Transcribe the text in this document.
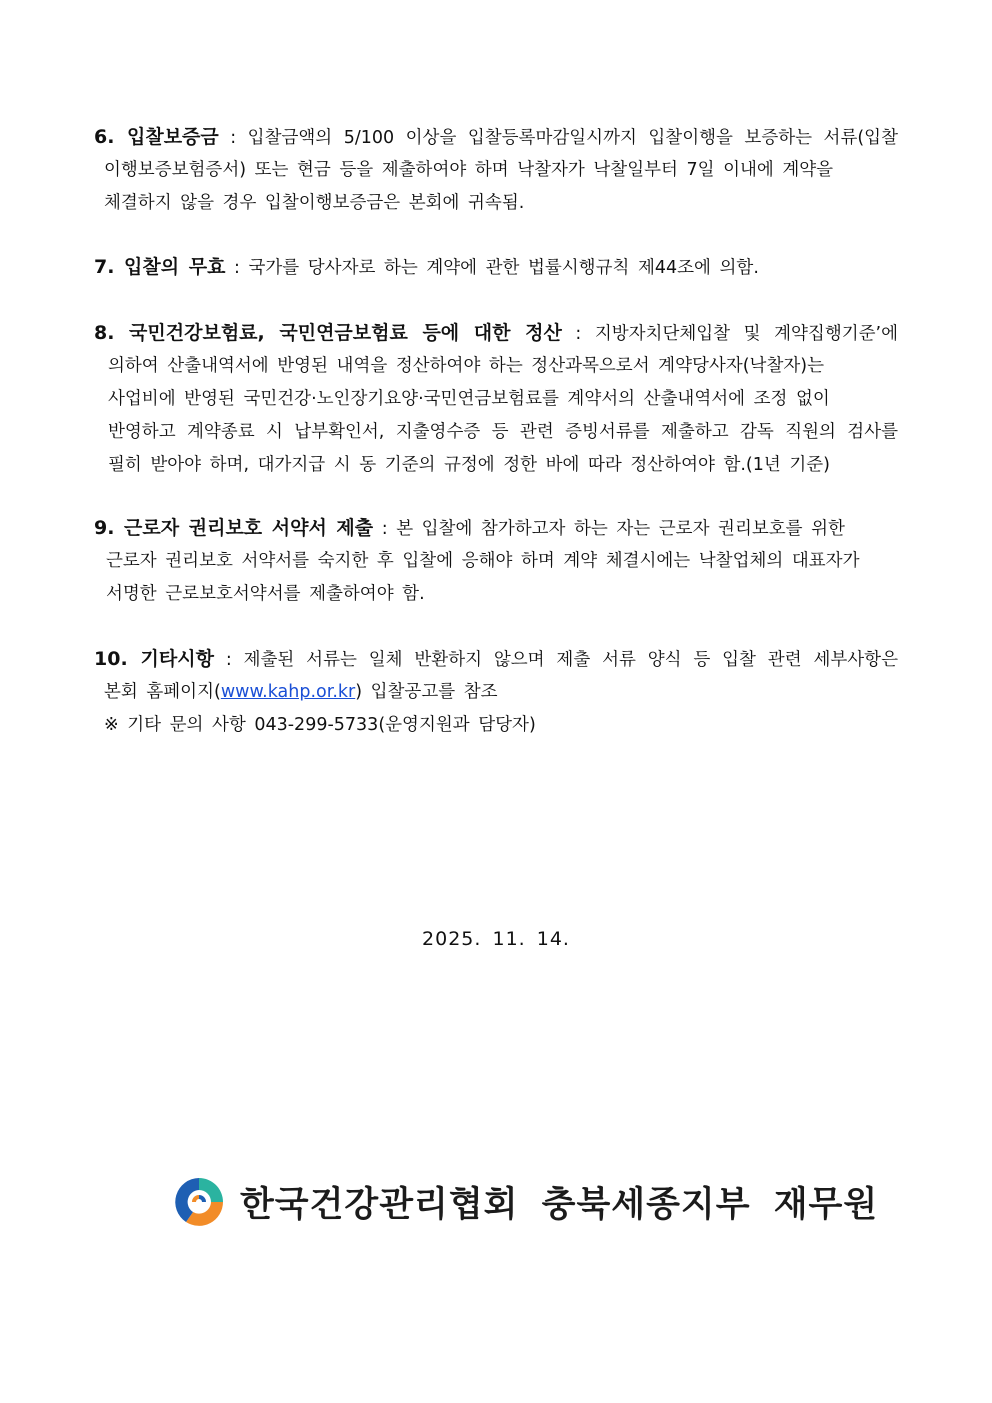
6. 입찰보증금 : 입찰금액의 5/100 이상을 입찰등록마감일시까지 입찰이행을 보증하는 서류(입찰
이행보증보험증서) 또는 현금 등을 제출하여야 하며 낙찰자가 낙찰일부터 7일 이내에 계약을
체결하지 않을 경우 입찰이행보증금은 본회에 귀속됨.
7. 입찰의 무효 : 국가를 당사자로 하는 계약에 관한 법률시행규칙 제44조에 의함.
8. 국민건강보험료, 국민연금보험료 등에 대한 정산 : 지방자치단체입찰 및 계약집행기준’에
의하여 산출내역서에 반영된 내역을 정산하여야 하는 정산과목으로서 계약당사자(낙찰자)는
사업비에 반영된 국민건강·노인장기요양·국민연금보험료를 계약서의 산출내역서에 조정 없이
반영하고 계약종료 시 납부확인서, 지출영수증 등 관련 증빙서류를 제출하고 감독 직원의 검사를
필히 받아야 하며, 대가지급 시 동 기준의 규정에 정한 바에 따라 정산하여야 함.(1년 기준)
9. 근로자 권리보호 서약서 제출 : 본 입찰에 참가하고자 하는 자는 근로자 권리보호를 위한
근로자 권리보호 서약서를 숙지한 후 입찰에 응해야 하며 계약 체결시에는 낙찰업체의 대표자가
서명한 근로보호서약서를 제출하여야 함.
10. 기타시항 : 제출된 서류는 일체 반환하지 않으며 제출 서류 양식 등 입찰 관련 세부사항은
본회 홈페이지(www.kahp.or.kr) 입찰공고를 참조
※ 기타 문의 사항 043-299-5733(운영지원과 담당자)
2025. 11. 14.
한국건강관리협회 충북세종지부 재무원
